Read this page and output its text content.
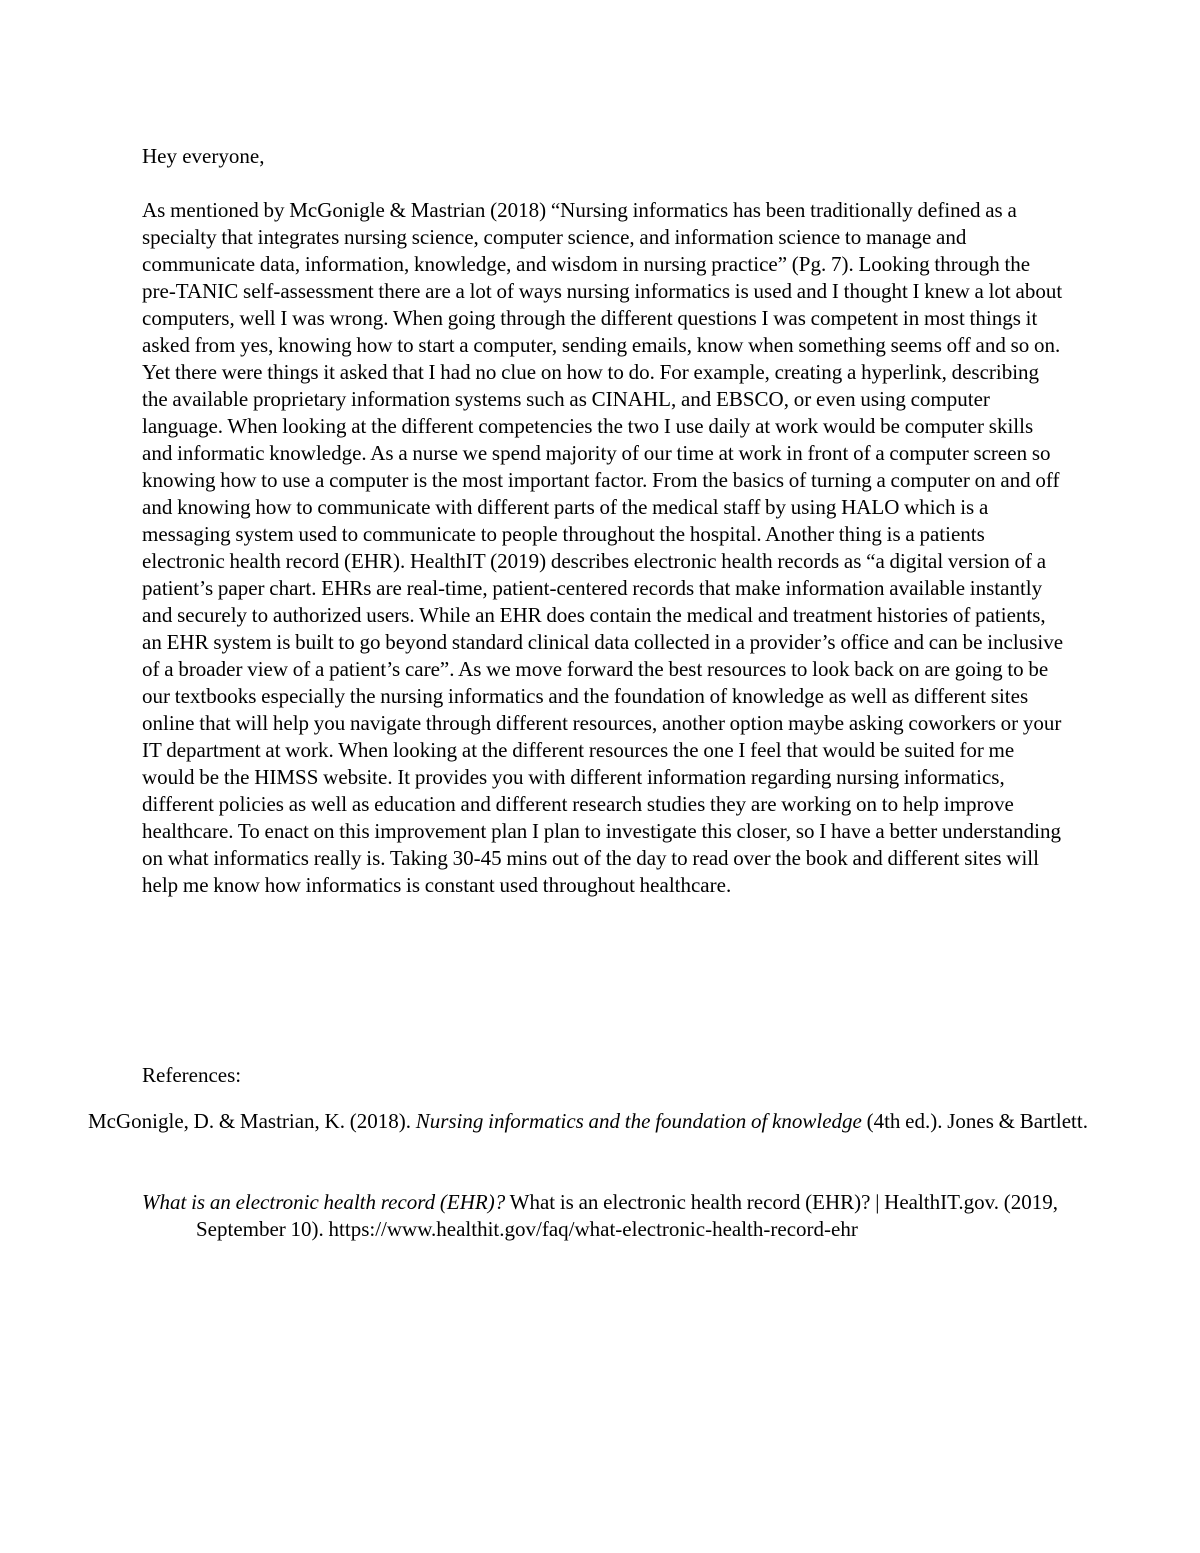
Hey everyone,

As mentioned by McGonigle & Mastrian (2018) “Nursing informatics has been traditionally defined as a specialty that integrates nursing science, computer science, and information science to manage and communicate data, information, knowledge, and wisdom in nursing practice” (Pg. 7). Looking through the pre-TANIC self-assessment there are a lot of ways nursing informatics is used and I thought I knew a lot about computers, well I was wrong. When going through the different questions I was competent in most things it asked from yes, knowing how to start a computer, sending emails, know when something seems off and so on. Yet there were things it asked that I had no clue on how to do. For example, creating a hyperlink, describing the available proprietary information systems such as CINAHL, and EBSCO, or even using computer language. When looking at the different competencies the two I use daily at work would be computer skills and informatic knowledge. As a nurse we spend majority of our time at work in front of a computer screen so knowing how to use a computer is the most important factor. From the basics of turning a computer on and off and knowing how to communicate with different parts of the medical staff by using HALO which is a messaging system used to communicate to people throughout the hospital. Another thing is a patients electronic health record (EHR). HealthIT (2019) describes electronic health records as “a digital version of a patient’s paper chart. EHRs are real-time, patient-centered records that make information available instantly and securely to authorized users. While an EHR does contain the medical and treatment histories of patients, an EHR system is built to go beyond standard clinical data collected in a provider’s office and can be inclusive of a broader view of a patient’s care”. As we move forward the best resources to look back on are going to be our textbooks especially the nursing informatics and the foundation of knowledge as well as different sites online that will help you navigate through different resources, another option maybe asking coworkers or your IT department at work. When looking at the different resources the one I feel that would be suited for me would be the HIMSS website. It provides you with different information regarding nursing informatics, different policies as well as education and different research studies they are working on to help improve healthcare. To enact on this improvement plan I plan to investigate this closer, so I have a better understanding on what informatics really is. Taking 30-45 mins out of the day to read over the book and different sites will help me know how informatics is constant used throughout healthcare.

References:

McGonigle, D. & Mastrian, K. (2018). Nursing informatics and the foundation of knowledge (4th ed.). Jones & Bartlett.

What is an electronic health record (EHR)? What is an electronic health record (EHR)? | HealthIT.gov. (2019, September 10). https://www.healthit.gov/faq/what-electronic-health-record-ehr
